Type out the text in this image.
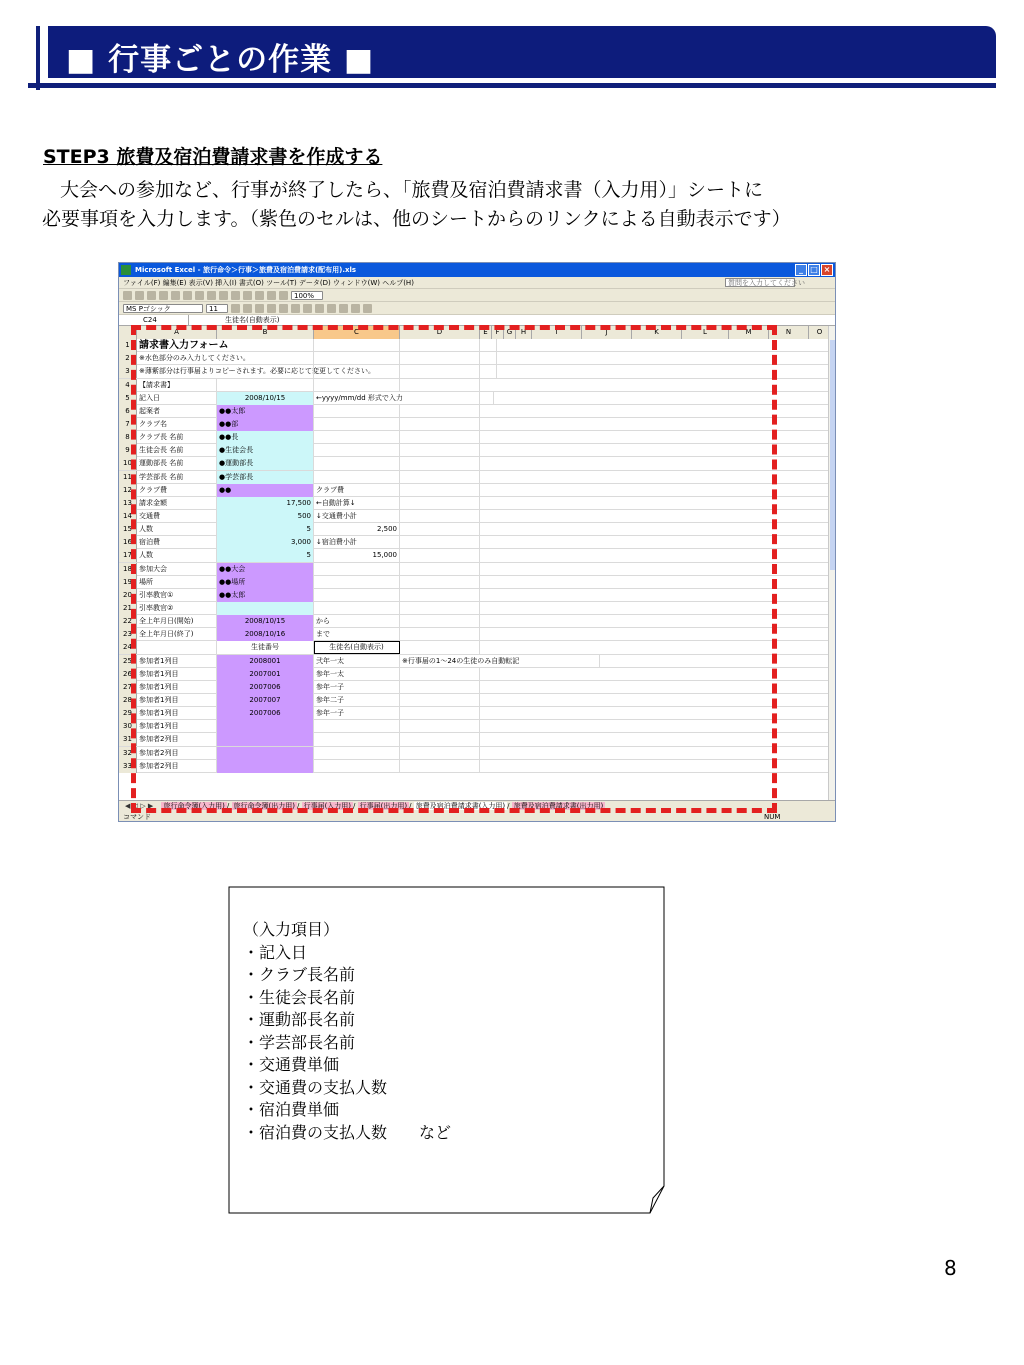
■ 行事ごとの作業 ■
STEP3 旅費及宿泊費請求書を作成する
大会への参加など、行事が終了したら、「旅費及宿泊費請求書（入力用）」シートに
必要事項を入力します。（紫色のセルは、他のシートからのリンクによる自動表示です）
Microsoft Excel - 旅行命令＞行事＞旅費及宿泊費請求(配布用).xls	_ □ ×
ファイル(F) 編集(E) 表示(V) 挿入(I) 書式(O) ツール(T) データ(D) ウィンドウ(W) ヘルプ(H)	質問を入力してください
100%
MS Pゴシック	11
C24	生徒名(自動表示)
A	B	C	D	E	F	G	H	I	J	K	L	M	N	O
1 請求書入力フォーム
2	※水色部分のみ入力してください。
3	※薄紫部分は行事届よりコピーされます。必要に応じて変更してください。
4	【請求書】
5	記入日	2008/10/15	←yyyy/mm/dd 形式で入力
6	起案者	●●太郎
7	クラブ名	●●部
8	クラブ長 名前	●●長
9	生徒会長 名前	●生徒会長
10	運動部長 名前	●運動部長
11	学芸部長 名前	●学芸部長
12	クラブ費	●●	クラブ費
13	請求金額	17,500 ←自動計算↓
14	交通費	500 ↓交通費小計
15	人数	5	2,500
16	宿泊費	3,000 ↓宿泊費小計
17	人数	5	15,000
18	参加大会	●●大会
19	場所	●●場所
20	引率教官①	●●太郎
21	引率教官②
22	全上年月日(開始)	2008/10/15	から
23	全上年月日(終了)	2008/10/16	まで
24	生徒番号	生徒名(自動表示)
25	参加者1列目	2008001	弐年一太	※行事届の1～24の生徒のみ自動転記
26	参加者1列目	2007001	参年一太
27	参加者1列目	2007006	参年一子
28	参加者1列目	2007007	参年二子
29	参加者1列目	2007006	参年一子
30	参加者1列目
31	参加者2列目
32	参加者2列目
33	参加者2列目
◀ ◁ ▷ ▶ 旅行命令簿(入力用) / 旅行命令簿(出力用) / 行事届(入力用) / 行事届(出力用) / 旅費及宿泊費請求書(入力用) / 旅費及宿泊費請求書(出力用)
コマンド	NUM
（入力項目）
・記入日
・クラブ長名前
・生徒会長名前
・運動部長名前
・学芸部長名前
・交通費単価
・交通費の支払人数
・宿泊費単価
・宿泊費の支払人数　　など
8
